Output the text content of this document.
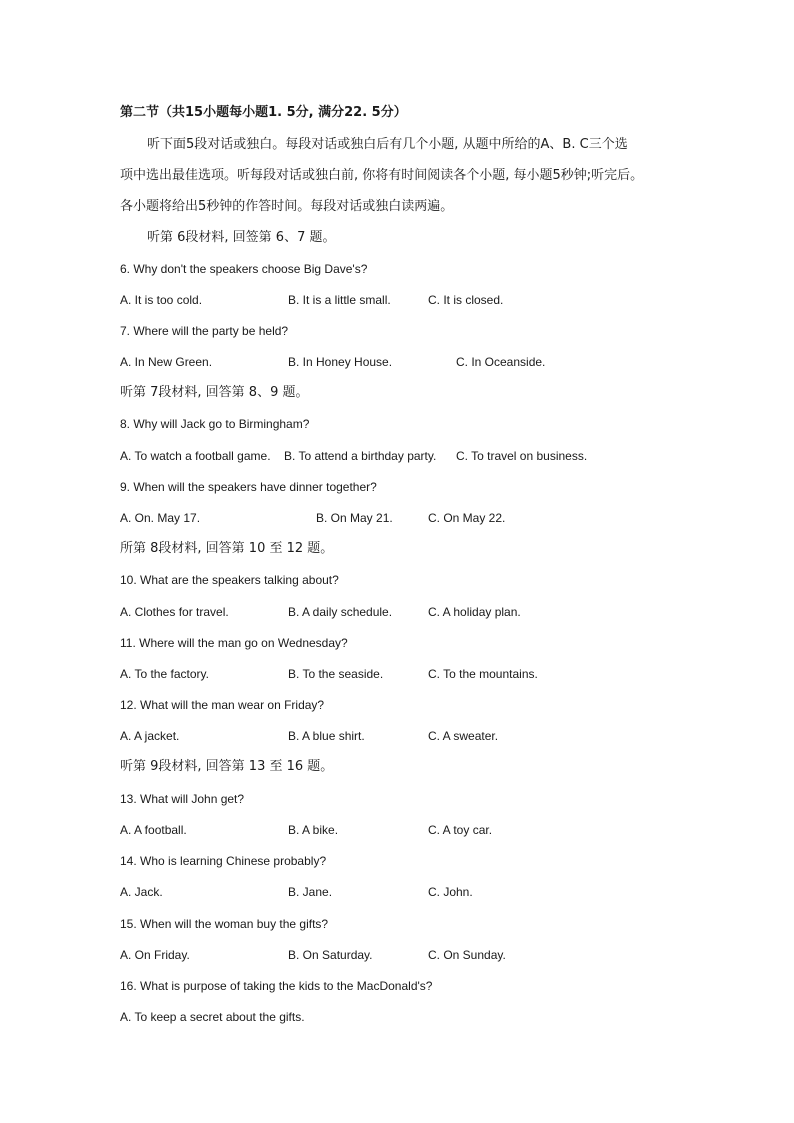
第二节（共15小题每小题1. 5分, 满分22. 5分）
听下面5段对话或独白。每段对话或独白后有几个小题, 从题中所给的A、B. C三个选
项中选出最佳选项。听每段对话或独白前, 你将有时间阅读各个小题, 每小题5秒钟;听完后。
各小题将给出5秒钟的作答时间。每段对话或独白读两遍。
听第 6段材料, 回签第 6、7 题。
6. Why don't the speakers choose Big Dave's?
A. It is too cold.	B. It is a little small.	C. It is closed.
7. Where will the party be held?
A. In New Green.	B. In Honey House.	C. In Oceanside.
听第 7段材料, 回答第 8、9 题。
8. Why will Jack go to Birmingham?
A. To watch a football game. B. To attend a birthday party. C. To travel on business.
9. When will the speakers have dinner together?
A. On. May 17.	B. On May 21.	C. On May 22.
所第 8段材料, 回答第 10 至 12 题。
10. What are the speakers talking about?
A. Clothes for travel.	B. A daily schedule.	C. A holiday plan.
11. Where will the man go on Wednesday?
A. To the factory.	B. To the seaside.	C. To the mountains.
12. What will the man wear on Friday?
A. A jacket.	B. A blue shirt.	C. A sweater.
听第 9段材料, 回答第 13 至 16 题。
13. What will John get?
A. A football.	B. A bike.	C. A toy car.
14. Who is learning Chinese probably?
A. Jack.	B. Jane.	C. John.
15. When will the woman buy the gifts?
A. On Friday.	B. On Saturday.	C. On Sunday.
16. What is purpose of taking the kids to the MacDonald's?
A. To keep a secret about the gifts.
